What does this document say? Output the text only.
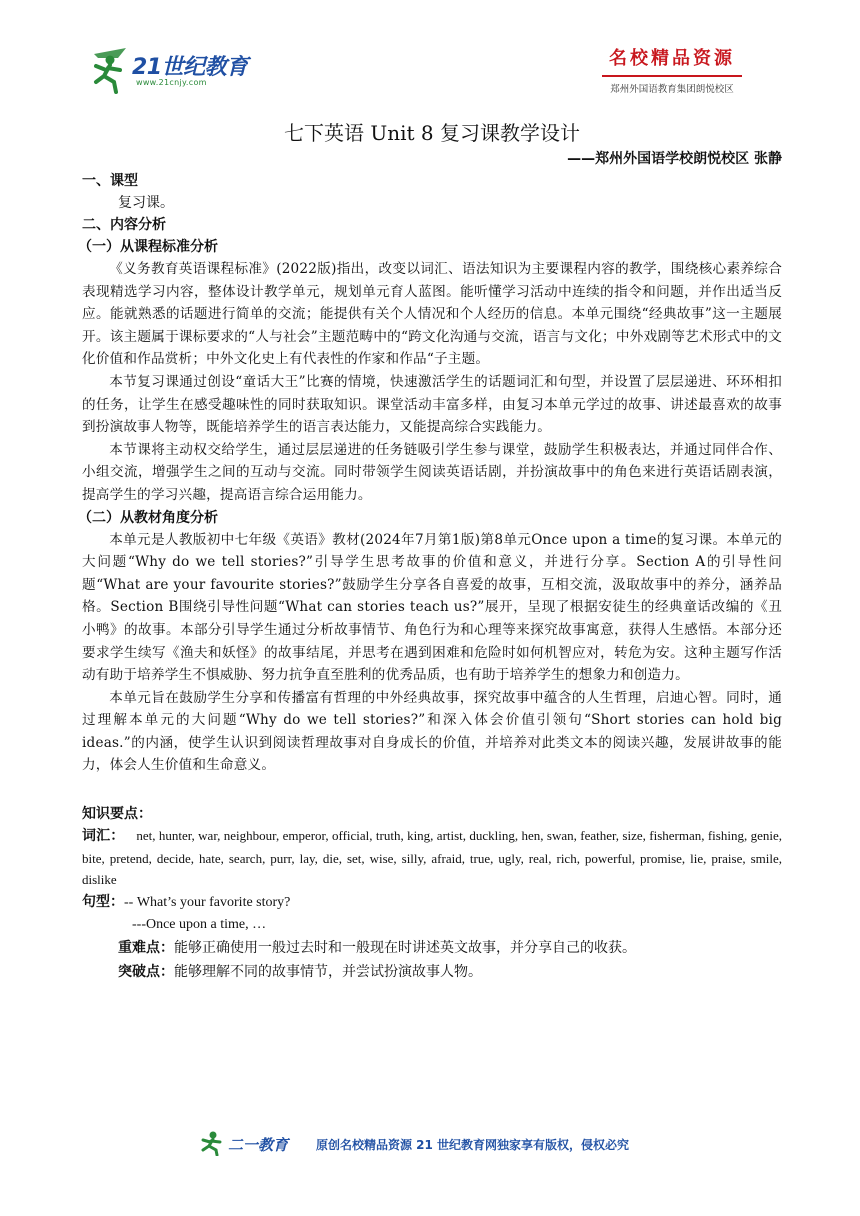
21世纪教育
www.21cnjy.com
名校精品资源
郑州外国语教育集团朗悦校区
七下英语 Unit 8 复习课教学设计
——郑州外国语学校朗悦校区 张静
一、课型
复习课。
二、内容分析
（一）从课程标准分析

《义务教育英语课程标准》(2022版)指出，改变以词汇、语法知识为主要课程内容的教学，围绕核心素养综合表现精选学习内容，整体设计教学单元，规划单元育人蓝图。能听懂学习活动中连续的指令和问题，并作出适当反应。能就熟悉的话题进行简单的交流；能提供有关个人情况和个人经历的信息。本单元围绕“经典故事”这一主题展开。该主题属于课标要求的“人与社会”主题范畴中的“跨文化沟通与交流，语言与文化；中外戏剧等艺术形式中的文化价值和作品赏析；中外文化史上有代表性的作家和作品“子主题。

本节复习课通过创设“童话大王”比赛的情境，快速激活学生的话题词汇和句型，并设置了层层递进、环环相扣的任务，让学生在感受趣味性的同时获取知识。课堂活动丰富多样，由复习本单元学过的故事、讲述最喜欢的故事到扮演故事人物等，既能培养学生的语言表达能力，又能提高综合实践能力。

本节课将主动权交给学生，通过层层递进的任务链吸引学生参与课堂，鼓励学生积极表达，并通过同伴合作、小组交流，增强学生之间的互动与交流。同时带领学生阅读英语话剧，并扮演故事中的角色来进行英语话剧表演，提高学生的学习兴趣，提高语言综合运用能力。

（二）从教材角度分析

本单元是人教版初中七年级《英语》教材(2024年7月第1版)第8单元Once upon a time的复习课。本单元的大问题“Why do we tell stories?”引导学生思考故事的价值和意义，并进行分享。Section A的引导性问题“What are your favourite stories?”鼓励学生分享各自喜爱的故事，互相交流，汲取故事中的养分，涵养品格。Section B围绕引导性问题“What can stories teach us?”展开，呈现了根据安徒生的经典童话改编的《丑小鸭》的故事。本部分引导学生通过分析故事情节、角色行为和心理等来探究故事寓意，获得人生感悟。本部分还要求学生续写《渔夫和妖怪》的故事结尾，并思考在遇到困难和危险时如何机智应对，转危为安。这种主题写作活动有助于培养学生不惧威胁、努力抗争直至胜利的优秀品质，也有助于培养学生的想象力和创造力。

本单元旨在鼓励学生分享和传播富有哲理的中外经典故事，探究故事中蕴含的人生哲理，启迪心智。同时，通过理解本单元的大问题“Why do we tell stories?”和深入体会价值引领句“Short stories can hold big ideas.”的内涵，使学生认识到阅读哲理故事对自身成长的价值，并培养对此类文本的阅读兴趣，发展讲故事的能力，体会人生价值和生命意义。

知识要点：
词汇： net, hunter, war, neighbour, emperor, official, truth, king, artist, duckling, hen, swan, feather, size, fisherman, fishing, genie, bite, pretend, decide, hate, search, purr, lay, die, set, wise, silly, afraid, true, ugly, real, rich, powerful, promise, lie, praise, smile, dislike
句型：-- What’s your favorite story?
---Once upon a time, …
重难点：能够正确使用一般过去时和一般现在时讲述英文故事，并分享自己的收获。
突破点：能够理解不同的故事情节，并尝试扮演故事人物。
二一教育 原创名校精品资源 21 世纪教育网独家享有版权，侵权必究
